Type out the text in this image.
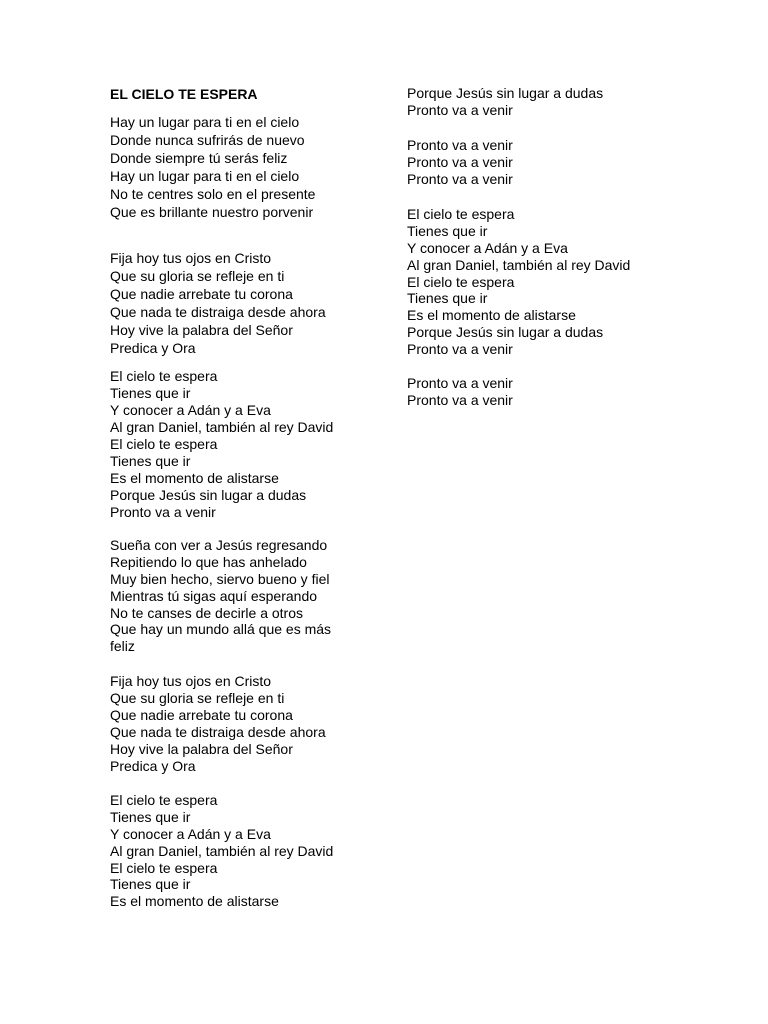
EL CIELO TE ESPERA
Hay un lugar para ti en el cielo
Donde nunca sufrirás de nuevo
Donde siempre tú serás feliz
Hay un lugar para ti en el cielo
No te centres solo en el presente
Que es brillante nuestro porvenir
Fija hoy tus ojos en Cristo
Que su gloria se refleje en ti
Que nadie arrebate tu corona
Que nada te distraiga desde ahora
Hoy vive la palabra del Señor
Predica y Ora
El cielo te espera
Tienes que ir
Y conocer a Adán y a Eva
Al gran Daniel, también al rey David
El cielo te espera
Tienes que ir
Es el momento de alistarse
Porque Jesús sin lugar a dudas
Pronto va a venir
Sueña con ver a Jesús regresando
Repitiendo lo que has anhelado
Muy bien hecho, siervo bueno y fiel
Mientras tú sigas aquí esperando
No te canses de decirle a otros
Que hay un mundo allá que es más
feliz
Fija hoy tus ojos en Cristo
Que su gloria se refleje en ti
Que nadie arrebate tu corona
Que nada te distraiga desde ahora
Hoy vive la palabra del Señor
Predica y Ora
El cielo te espera
Tienes que ir
Y conocer a Adán y a Eva
Al gran Daniel, también al rey David
El cielo te espera
Tienes que ir
Es el momento de alistarse
Porque Jesús sin lugar a dudas
Pronto va a venir
Pronto va a venir
Pronto va a venir
Pronto va a venir
El cielo te espera
Tienes que ir
Y conocer a Adán y a Eva
Al gran Daniel, también al rey David
El cielo te espera
Tienes que ir
Es el momento de alistarse
Porque Jesús sin lugar a dudas
Pronto va a venir
Pronto va a venir
Pronto va a venir
